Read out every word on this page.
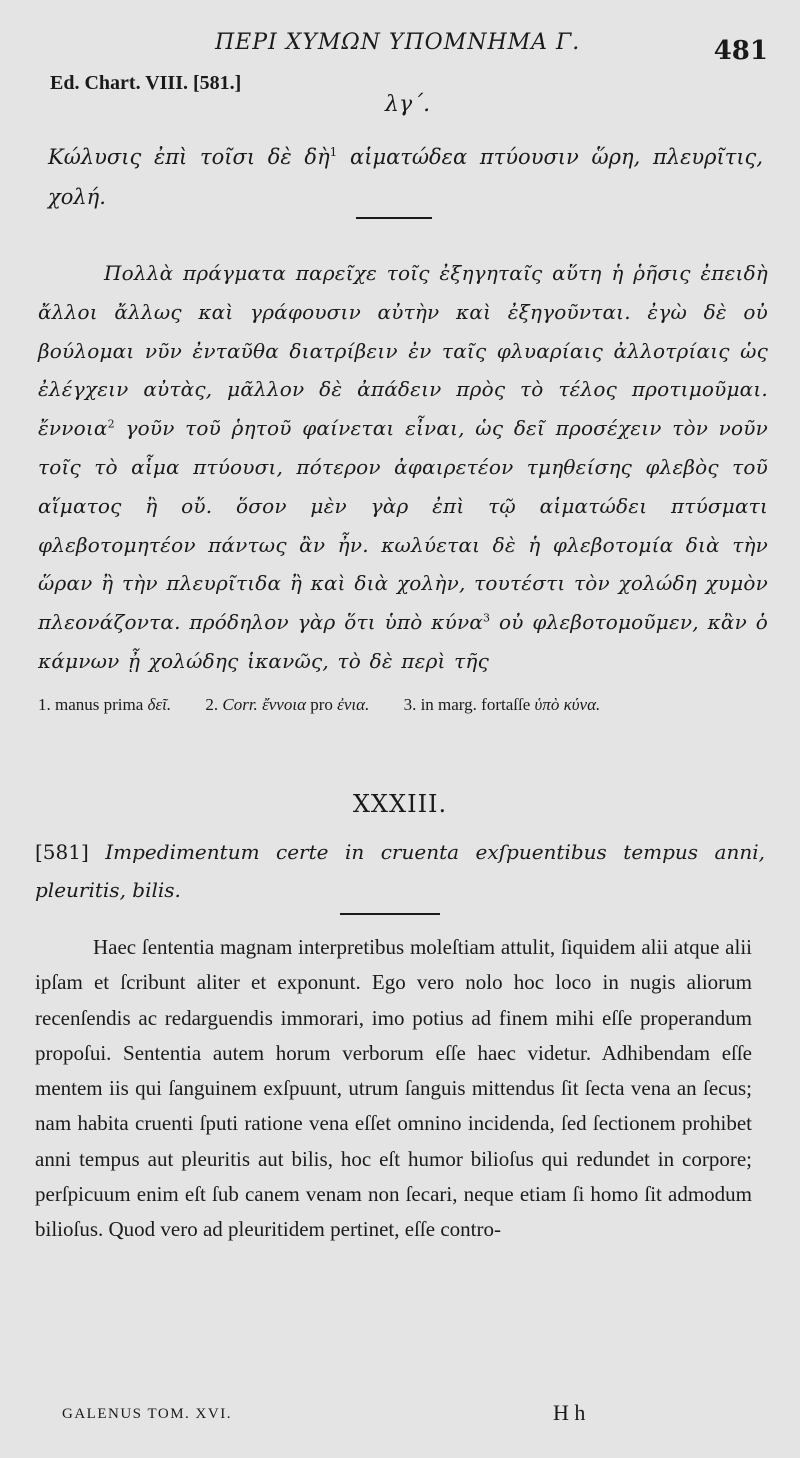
ΠΕΡΙ ΧΥΜΩΝ ΥΠΟΜΝΗΜΑ Γ.	481
Ed. Chart. VIII. [581.]
λγ΄.
Κώλυσις ἐπὶ τοῖσι δὲ δὴ$^1$ αἱματώδεα πτύουσιν ὥρη, πλευρῖτις, χολή.
Πολλὰ πράγματα παρεῖχε τοῖς ἐξηγηταῖς αὕτη ἡ ῥῆσις ἐπειδὴ ἄλλοι ἄλλως καὶ γράφουσιν αὐτὴν καὶ ἐξηγοῦνται. ἐγὼ δὲ οὐ βούλομαι νῦν ἐνταῦθα διατρίβειν ἐν ταῖς φλυαρίαις ἀλλοτρίαις ὡς ἐλέγχειν αὐτὰς, μᾶλλον δὲ ἀπάδειν πρὸς τὸ τέλος προτιμοῦμαι. ἔννοια$^2$ γοῦν τοῦ ῥητοῦ φαίνεται εἶναι, ὡς δεῖ προσέχειν τὸν νοῦν τοῖς τὸ αἷμα πτύουσι, πότερον ἀφαιρετέον τμηθείσης φλεβὸς τοῦ αἵματος ἢ οὔ. ὅσον μὲν γὰρ ἐπὶ τῷ αἱματώδει πτύσματι φλεβοτομητέον πάντως ἂν ἦν. κωλύεται δὲ ἡ φλεβοτομία διὰ τὴν ὥραν ἢ τὴν πλευρῖτιδα ἢ καὶ διὰ χολὴν, τουτέστι τὸν χολώδη χυμὸν πλεονάζοντα. πρόδηλον γὰρ ὅτι ὑπὸ κύνα$^3$ οὐ φλεβοτομοῦμεν, κἂν ὁ κάμνων ᾖ χολώδης ἱκανῶς, τὸ δὲ περὶ τῆς
1. manus prima δεῖ. 2. Corr. ἔννοια pro ἐνια. 3. in marg. fortaſſe ὑπὸ κύνα.
XXXIII.
[581] Impedimentum certe in cruenta exſpuentibus tempus anni, pleuritis, bilis.
Haec ſententia magnam interpretibus moleſtiam attulit, ſiquidem alii atque alii ipſam et ſcribunt aliter et exponunt. Ego vero nolo hoc loco in nugis aliorum recenſendis ac redarguendis immorari, imo potius ad finem mihi eſſe properandum propoſui. Sententia autem horum verborum eſſe haec videtur. Adhibendam eſſe mentem iis qui ſanguinem exſpuunt, utrum ſanguis mittendus ſit ſecta vena an ſecus; nam habita cruenti ſputi ratione vena eſſet omnino incidenda, ſed ſectionem prohibet anni tempus aut pleuritis aut bilis, hoc eſt humor bilioſus qui redundet in corpore; perſpicuum enim eſt ſub canem venam non ſecari, neque etiam ſi homo ſit admodum bilioſus. Quod vero ad pleuritidem pertinet, eſſe contro-
GALENUS TOM. XVI.	H h
